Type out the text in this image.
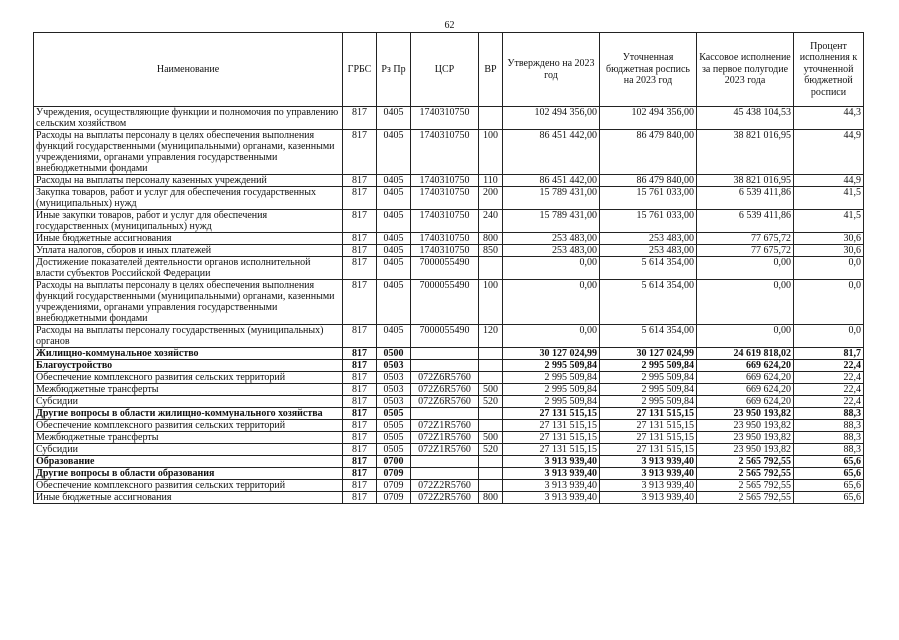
62
Наименование	ГРБС	Рз Пр	ЦСР	ВР	Утверждено на 2023 год	Уточненная бюджетная роспись на 2023 год	Кассовое исполнение за первое полугодие 2023 года	Процент исполнения к уточненной бюджетной росписи
Учреждения, осуществляющие функции и полномочия по управлению сельским хозяйством	817	0405	1740310750		102 494 356,00	102 494 356,00	45 438 104,53	44,3
Расходы на выплаты персоналу в целях обеспечения выполнения функций государственными (муниципальными) органами, казенными учреждениями, органами управления государственными внебюджетными фондами	817	0405	1740310750	100	86 451 442,00	86 479 840,00	38 821 016,95	44,9
Расходы на выплаты персоналу казенных учреждений	817	0405	1740310750	110	86 451 442,00	86 479 840,00	38 821 016,95	44,9
Закупка товаров, работ и услуг для обеспечения государственных (муниципальных) нужд	817	0405	1740310750	200	15 789 431,00	15 761 033,00	6 539 411,86	41,5
Иные закупки товаров, работ и услуг для обеспечения государственных (муниципальных) нужд	817	0405	1740310750	240	15 789 431,00	15 761 033,00	6 539 411,86	41,5
Иные бюджетные ассигнования	817	0405	1740310750	800	253 483,00	253 483,00	77 675,72	30,6
Уплата налогов, сборов и иных платежей	817	0405	1740310750	850	253 483,00	253 483,00	77 675,72	30,6
Достижение показателей деятельности органов исполнительной власти субъектов Российской Федерации	817	0405	7000055490		0,00	5 614 354,00	0,00	0,0
Расходы на выплаты персоналу в целях обеспечения выполнения функций государственными (муниципальными) органами, казенными учреждениями, органами управления государственными внебюджетными фондами	817	0405	7000055490	100	0,00	5 614 354,00	0,00	0,0
Расходы на выплаты персоналу государственных (муниципальных) органов	817	0405	7000055490	120	0,00	5 614 354,00	0,00	0,0
Жилищно-коммунальное хозяйство	817	0500			30 127 024,99	30 127 024,99	24 619 818,02	81,7
Благоустройство	817	0503			2 995 509,84	2 995 509,84	669 624,20	22,4
Обеспечение комплексного развития сельских территорий	817	0503	072Z6R5760		2 995 509,84	2 995 509,84	669 624,20	22,4
Межбюджетные трансферты	817	0503	072Z6R5760	500	2 995 509,84	2 995 509,84	669 624,20	22,4
Субсидии	817	0503	072Z6R5760	520	2 995 509,84	2 995 509,84	669 624,20	22,4
Другие вопросы в области жилищно-коммунального хозяйства	817	0505			27 131 515,15	27 131 515,15	23 950 193,82	88,3
Обеспечение комплексного развития сельских территорий	817	0505	072Z1R5760		27 131 515,15	27 131 515,15	23 950 193,82	88,3
Межбюджетные трансферты	817	0505	072Z1R5760	500	27 131 515,15	27 131 515,15	23 950 193,82	88,3
Субсидии	817	0505	072Z1R5760	520	27 131 515,15	27 131 515,15	23 950 193,82	88,3
Образование	817	0700			3 913 939,40	3 913 939,40	2 565 792,55	65,6
Другие вопросы в области образования	817	0709			3 913 939,40	3 913 939,40	2 565 792,55	65,6
Обеспечение комплексного развития сельских территорий	817	0709	072Z2R5760		3 913 939,40	3 913 939,40	2 565 792,55	65,6
Иные бюджетные ассигнования	817	0709	072Z2R5760	800	3 913 939,40	3 913 939,40	2 565 792,55	65,6
